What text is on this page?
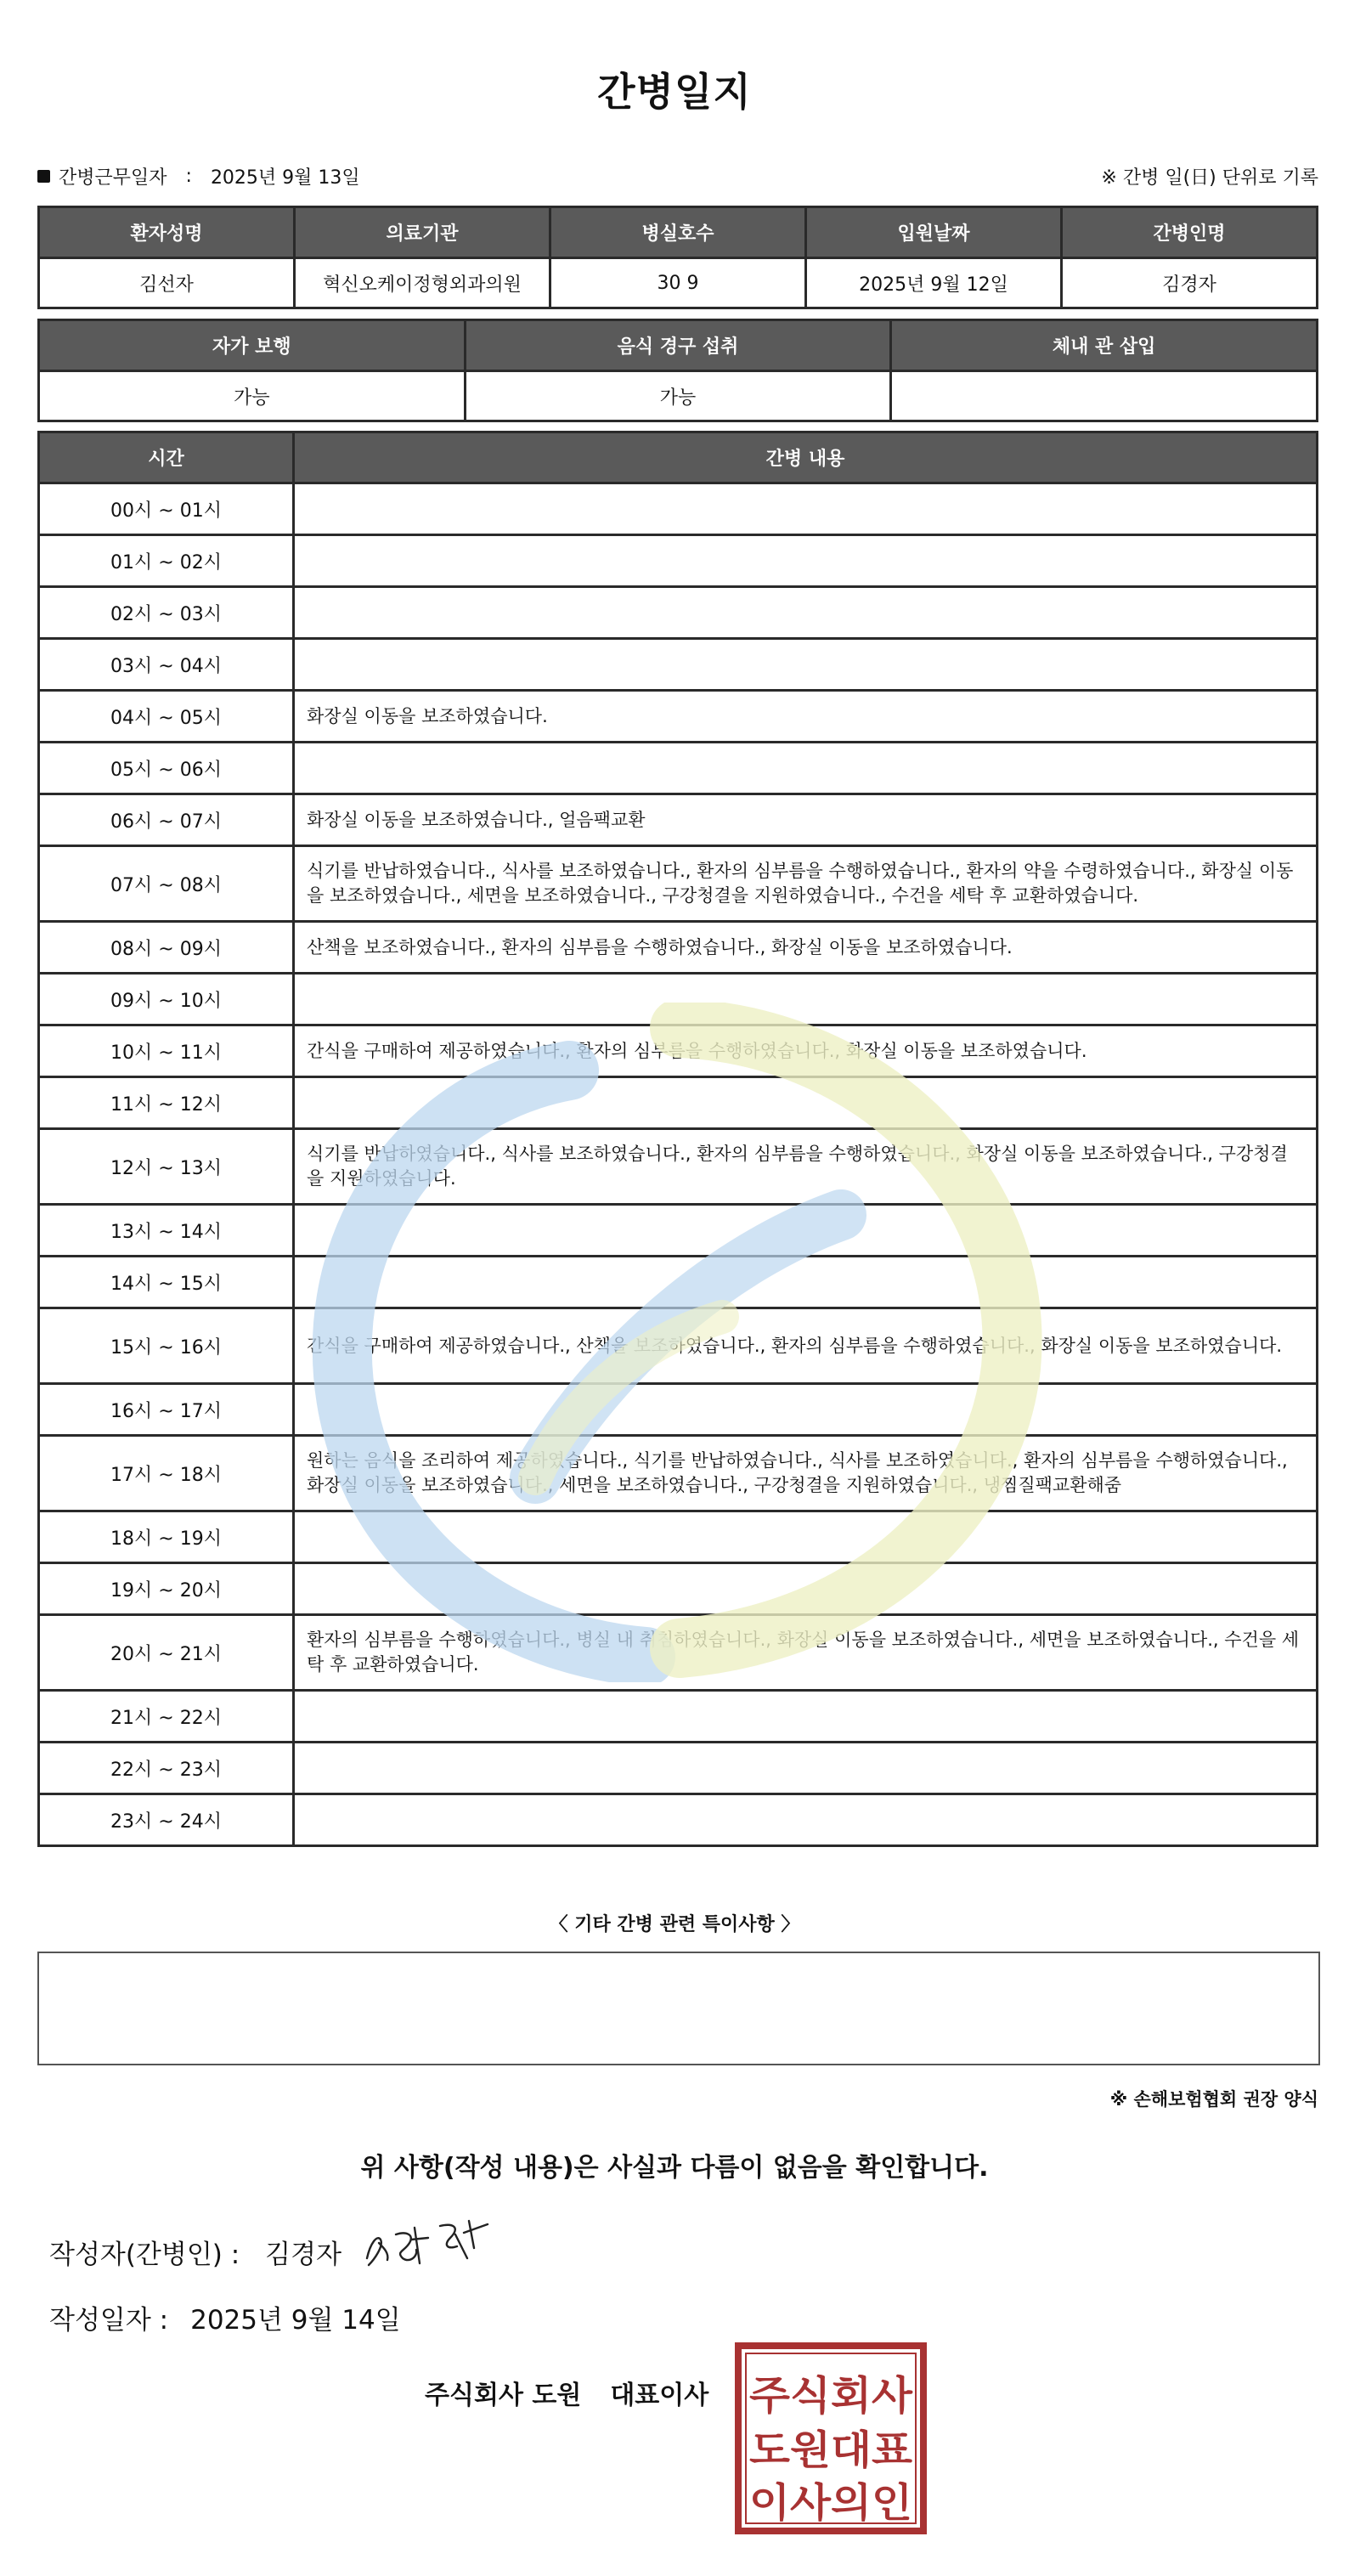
간병일지
간병근무일자 : 2025년 9월 13일	※ 간병 일(日) 단위로 기록
환자성명	의료기관	병실호수	입원날짜	간병인명
김선자	혁신오케이정형외과의원	30 9	2025년 9월 12일	김경자
자가 보행	음식 경구 섭취	체내 관 삽입
가능	가능	
시간	간병 내용
00시 ~ 01시	
01시 ~ 02시	
02시 ~ 03시	
03시 ~ 04시	
04시 ~ 05시	화장실 이동을 보조하였습니다.
05시 ~ 06시	
06시 ~ 07시	화장실 이동을 보조하였습니다., 얼음팩교환
07시 ~ 08시	식기를 반납하였습니다., 식사를 보조하였습니다., 환자의 심부름을 수행하였습니다., 환자의 약을 수령하였습니다., 화장실 이동을 보조하였습니다., 세면을 보조하였습니다., 구강청결을 지원하였습니다., 수건을 세탁 후 교환하였습니다.
08시 ~ 09시	산책을 보조하였습니다., 환자의 심부름을 수행하였습니다., 화장실 이동을 보조하였습니다.
09시 ~ 10시	
10시 ~ 11시	간식을 구매하여 제공하였습니다., 환자의 심부름을 수행하였습니다., 화장실 이동을 보조하였습니다.
11시 ~ 12시	
12시 ~ 13시	식기를 반납하였습니다., 식사를 보조하였습니다., 환자의 심부름을 수행하였습니다., 화장실 이동을 보조하였습니다., 구강청결을 지원하였습니다.
13시 ~ 14시	
14시 ~ 15시	
15시 ~ 16시	간식을 구매하여 제공하였습니다., 산책을 보조하였습니다., 환자의 심부름을 수행하였습니다., 화장실 이동을 보조하였습니다.
16시 ~ 17시	
17시 ~ 18시	원하는 음식을 조리하여 제공하였습니다., 식기를 반납하였습니다., 식사를 보조하였습니다., 환자의 심부름을 수행하였습니다., 화장실 이동을 보조하였습니다., 세면을 보조하였습니다., 구강청결을 지원하였습니다., 냉찜질팩교환해줌
18시 ~ 19시	
19시 ~ 20시	
20시 ~ 21시	환자의 심부름을 수행하였습니다., 병실 내 취침하였습니다., 화장실 이동을 보조하였습니다., 세면을 보조하였습니다., 수건을 세탁 후 교환하였습니다.
21시 ~ 22시	
22시 ~ 23시	
23시 ~ 24시	
〈 기타 간병 관련 특이사항 〉
※ 손해보험협회 권장 양식
위 사항(작성 내용)은 사실과 다름이 없음을 확인합니다.
작성자(간병인) : 김경자
작성일자 : 2025년 9월 14일
주식회사 도원 대표이사 주식회사
도원대표
이사의인
